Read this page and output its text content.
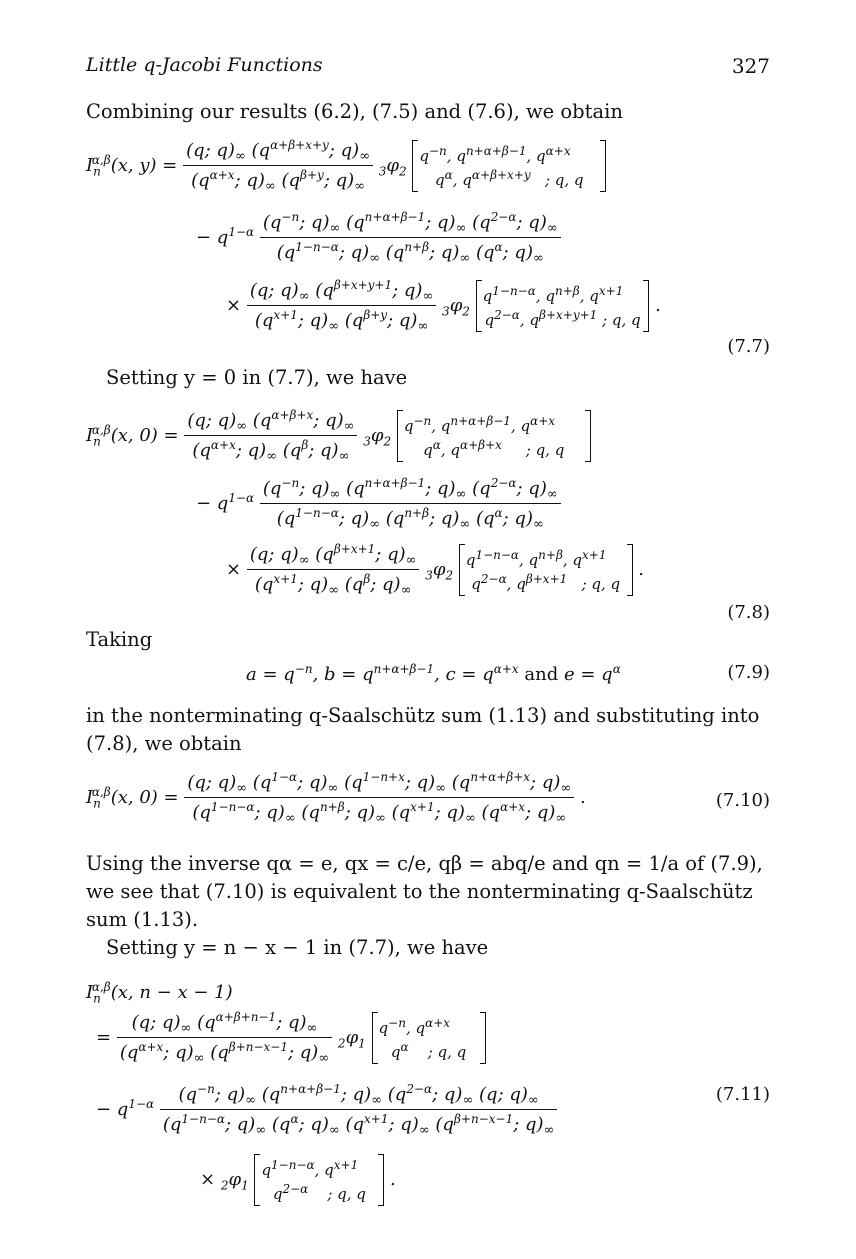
Little q-Jacobi Functions	327
Combining our results (6.2), (7.5) and (7.6), we obtain
$I_n^{\alpha,\beta}(x$, $y) = \frac{(q; q)_\infty (q^{\alpha+\beta+x+y}; q)_\infty}{(q^{\alpha+x}; q)_\infty (q^{\beta+y}; q)_\infty} _3\varphi_2$
$q^{-n}$, $q^{n+\alpha+\beta-1}$, $q^{\alpha+x}$
$q^\alpha$, $q^{\alpha+\beta+x+y}$   ; q, q
− $q^{1-\alpha} \frac{(q^{-n}; q)_\infty (q^{n+\alpha+\beta-1}; q)_\infty (q^{2-\alpha}; q)_\infty}{(q^{1-n-\alpha}; q)_\infty (q^{n+\beta}; q)_\infty (q^\alpha; q)_\infty}$
× $\frac{(q; q)_\infty (q^{\beta+x+y+1}; q)_\infty}{(q^{x+1}; q)_\infty (q^{\beta+y}; q)_\infty} _3\varphi_2$
$q^{1-n-\alpha}$, $q^{n+\beta}$, $q^{x+1}$
$q^{2-\alpha}$, $q^{\beta+x+y+1}$ ; q, q
.
(7.7)
Setting y = 0 in (7.7), we have
$I_n^{\alpha,\beta}(x$, $0) = \frac{(q; q)_\infty (q^{\alpha+\beta+x}; q)_\infty}{(q^{\alpha+x}; q)_\infty (q^\beta; q)_\infty} _3\varphi_2$
$q^{-n}$, $q^{n+\alpha+\beta-1}$, $q^{\alpha+x}$
$q^\alpha$, $q^{\alpha+\beta+x}$     ; q, q
− $q^{1-\alpha} \frac{(q^{-n}; q)_\infty (q^{n+\alpha+\beta-1}; q)_\infty (q^{2-\alpha}; q)_\infty}{(q^{1-n-\alpha}; q)_\infty (q^{n+\beta}; q)_\infty (q^\alpha; q)_\infty}$
× $\frac{(q; q)_\infty (q^{\beta+x+1}; q)_\infty}{(q^{x+1}; q)_\infty (q^\beta; q)_\infty} _3\varphi_2$
$q^{1-n-\alpha}$, $q^{n+\beta}$, $q^{x+1}$
$q^{2-\alpha}$, $q^{\beta+x+1}$   ; q, q
.
(7.8)
Taking
$a = q^{-n}$, $b = q^{n+\alpha+\beta-1}$, $c = q^{\alpha+x}$ and $e = q^\alpha$	(7.9)
in the nonterminating q-Saalschütz sum (1.13) and substituting into (7.8), we obtain
$I_n^{\alpha,\beta}(x$, $0) = \frac{(q; q)_\infty (q^{1-\alpha}; q)_\infty (q^{1-n+x}; q)_\infty (q^{n+\alpha+\beta+x}; q)_\infty}{(q^{1-n-\alpha}; q)_\infty (q^{n+\beta}; q)_\infty (q^{x+1}; q)_\infty (q^{\alpha+x}; q)_\infty}$ .	(7.10)
Using the inverse qα = e, qx = c/e, qβ = abq/e and qn = 1/a of (7.9), we see that (7.10) is equivalent to the nonterminating q-Saalschütz sum (1.13).
Setting y = n − x − 1 in (7.7), we have
$I_n^{\alpha,\beta}(x$, n − x − 1)
= $\frac{(q; q)_\infty (q^{\alpha+\beta+n-1}; q)_\infty}{(q^{\alpha+x}; q)_\infty (q^{\beta+n-x-1}; q)_\infty} _2\varphi_1$
$q^{-n}$, $q^{\alpha+x}$
$q^\alpha$    ; q, q
− $q^{1-\alpha} \frac{(q^{-n}; q)_\infty (q^{n+\alpha+\beta-1}; q)_\infty (q^{2-\alpha}; q)_\infty (q; q)_\infty}{(q^{1-n-\alpha}; q)_\infty (q^\alpha; q)_\infty (q^{x+1}; q)_\infty (q^{\beta+n-x-1}; q)_\infty}$
× $_2\varphi_1$
$q^{1-n-\alpha}$, $q^{x+1}$
$q^{2-\alpha}$    ; q, q
.
(7.11)
